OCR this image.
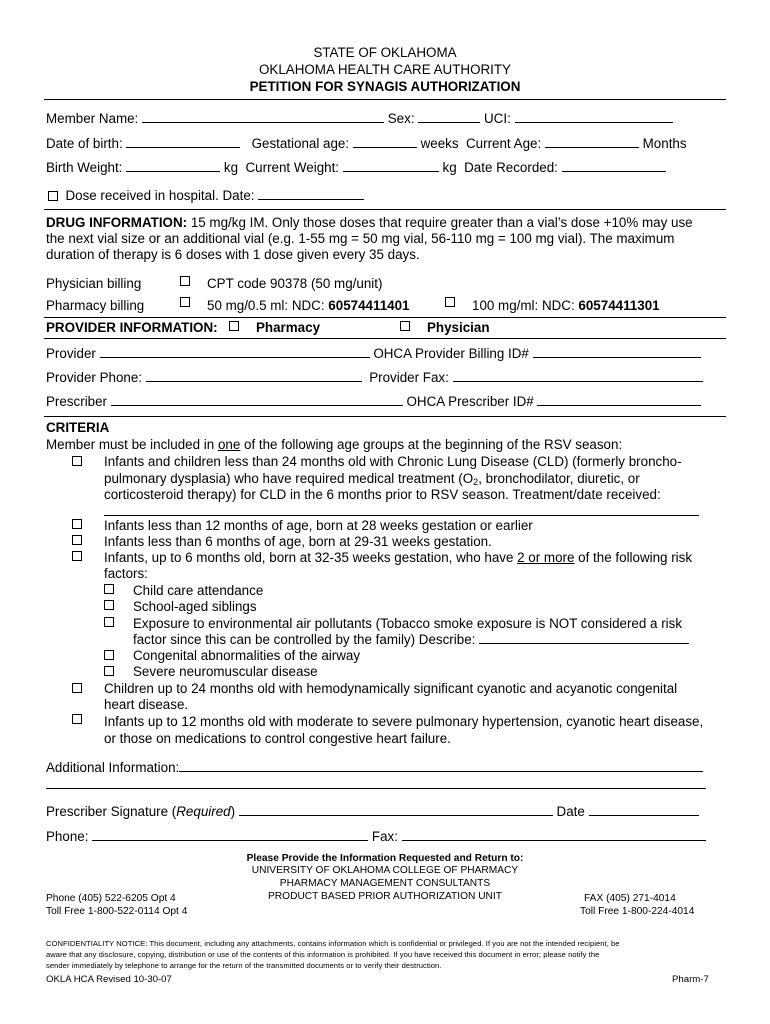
STATE OF OKLAHOMA
OKLAHOMA HEALTH CARE AUTHORITY
PETITION FOR SYNAGIS AUTHORIZATION
Member Name:	Sex:	UCI:
Date of birth:	Gestational age:	weeks Current Age:	Months
Birth Weight:	kg Current Weight:	kg Date Recorded:
Dose received in hospital. Date:
DRUG INFORMATION: 15 mg/kg IM. Only those doses that require greater than a vial’s dose +10% may use
the next vial size or an additional vial (e.g. 1-55 mg = 50 mg vial, 56-110 mg = 100 mg vial). The maximum
duration of therapy is 6 doses with 1 dose given every 35 days.
Physician billing	CPT code 90378 (50 mg/unit)
Pharmacy billing	50 mg/0.5 ml: NDC: 60574411401	100 mg/ml: NDC: 60574411301
PROVIDER INFORMATION:	Pharmacy	Physician
Provider	OHCA Provider Billing ID#
Provider Phone:	Provider Fax:
Prescriber	OHCA Prescriber ID#
CRITERIA
Member must be included in one of the following age groups at the beginning of the RSV season:
Infants and children less than 24 months old with Chronic Lung Disease (CLD) (formerly broncho-
pulmonary dysplasia) who have required medical treatment ($O_2$, bronchodilator, diuretic, or
corticosteroid therapy) for CLD in the 6 months prior to RSV season. Treatment/date received:
Infants less than 12 months of age, born at 28 weeks gestation or earlier
Infants less than 6 months of age, born at 29-31 weeks gestation.
Infants, up to 6 months old, born at 32-35 weeks gestation, who have 2 or more of the following risk
factors:
Child care attendance
School-aged siblings
Exposure to environmental air pollutants (Tobacco smoke exposure is NOT considered a risk
factor since this can be controlled by the family) Describe:
Congenital abnormalities of the airway
Severe neuromuscular disease
Children up to 24 months old with hemodynamically significant cyanotic and acyanotic congenital
heart disease.
Infants up to 12 months old with moderate to severe pulmonary hypertension, cyanotic heart disease,
or those on medications to control congestive heart failure.
Additional Information:
Prescriber Signature (Required)	Date
Phone:	Fax:
Please Provide the Information Requested and Return to:
UNIVERSITY OF OKLAHOMA COLLEGE OF PHARMACY
PHARMACY MANAGEMENT CONSULTANTS
PRODUCT BASED PRIOR AUTHORIZATION UNIT
Phone (405) 522-6205 Opt 4
Toll Free 1-800-522-0114 Opt 4
FAX (405) 271-4014
Toll Free 1-800-224-4014
CONFIDENTIALITY NOTICE: This document, including any attachments, contains information which is confidential or privileged. If you are not the intended recipient, be
aware that any disclosure, copying, distribution or use of the contents of this information is prohibited. If you have received this document in error; please notify the
sender immediately by telephone to arrange for the return of the transmitted documents or to verify their destruction.
OKLA HCA Revised 10-30-07	Pharm-7
